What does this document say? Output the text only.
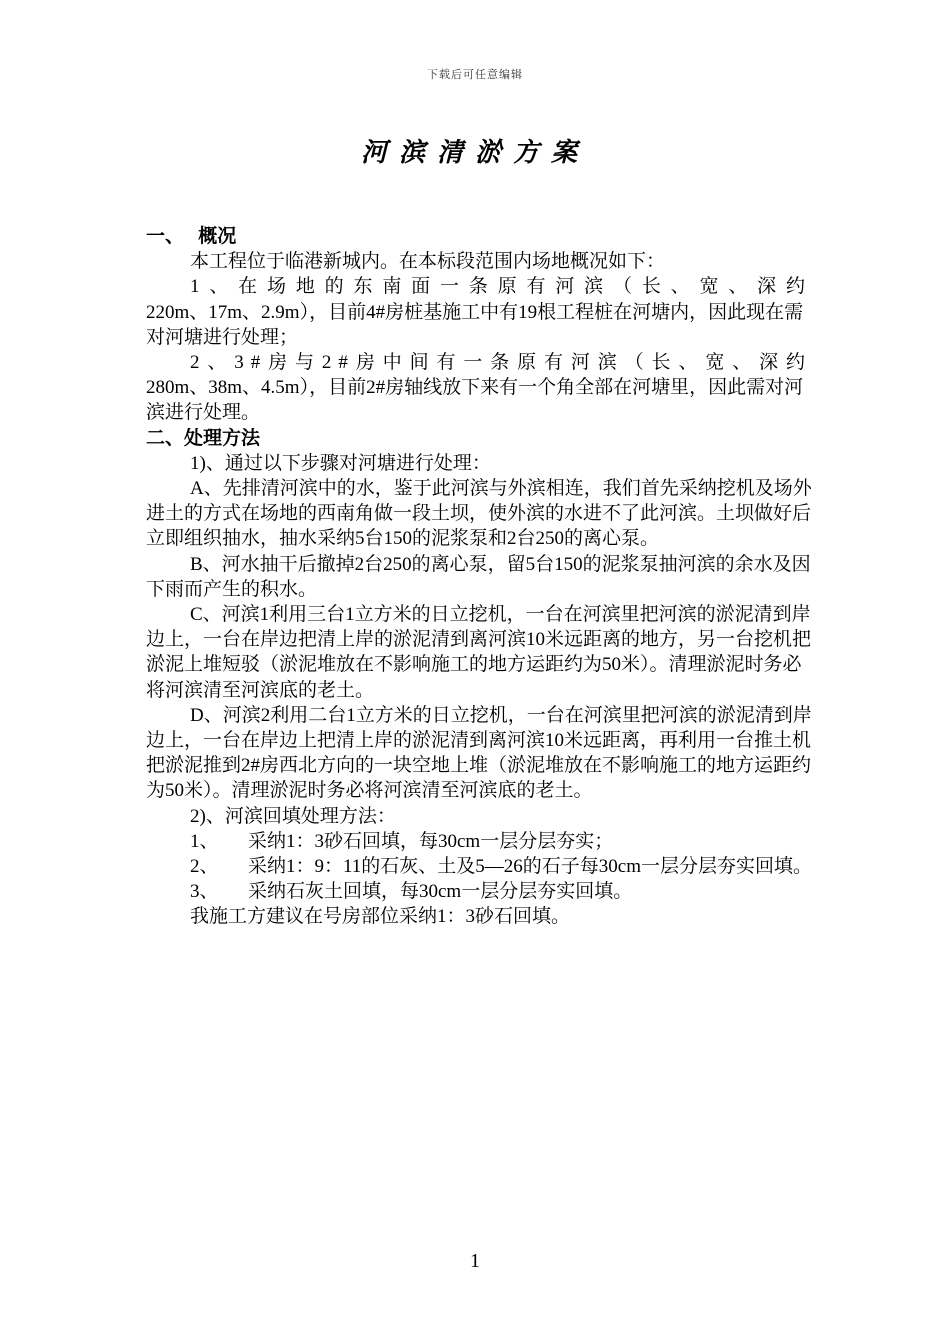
下载后可任意编辑
河滨清淤方案

一、   概况

本工程位于临港新城内。在本标段范围内场地概况如下：

1、在场地的东南面一条原有河滨（长、宽、深约

220m、17m、2.9m），目前4#房桩基施工中有19根工程桩在河塘内，因此现在需对河塘进行处理；

2、3#房与2#房中间有一条原有河滨（长、宽、深约

280m、38m、4.5m），目前2#房轴线放下来有一个角全部在河塘里，因此需对河滨进行处理。

二、处理方法

1)、通过以下步骤对河塘进行处理：

A、先排清河滨中的水，鉴于此河滨与外滨相连，我们首先采纳挖机及场外进土的方式在场地的西南角做一段土坝，使外滨的水进不了此河滨。土坝做好后立即组织抽水，抽水采纳5台150的泥浆泵和2台250的离心泵。

B、河水抽干后撤掉2台250的离心泵，留5台150的泥浆泵抽河滨的余水及因下雨而产生的积水。

C、河滨1利用三台1立方米的日立挖机，一台在河滨里把河滨的淤泥清到岸边上，一台在岸边把清上岸的淤泥清到离河滨10米远距离的地方，另一台挖机把淤泥上堆短驳（淤泥堆放在不影响施工的地方运距约为50米）。清理淤泥时务必将河滨清至河滨底的老土。

D、河滨2利用二台1立方米的日立挖机，一台在河滨里把河滨的淤泥清到岸边上，一台在岸边上把清上岸的淤泥清到离河滨10米远距离，再利用一台推土机把淤泥推到2#房西北方向的一块空地上堆（淤泥堆放在不影响施工的地方运距约为50米）。清理淤泥时务必将河滨清至河滨底的老土。

2)、河滨回填处理方法：

1、	采纳1：3砂石回填，每30cm一层分层夯实；
2、	采纳1：9：11的石灰、土及5—26的石子每30cm一层分层夯实回填。
3、	采纳石灰土回填，每30cm一层分层夯实回填。

我施工方建议在号房部位采纳1：3砂石回填。

1
